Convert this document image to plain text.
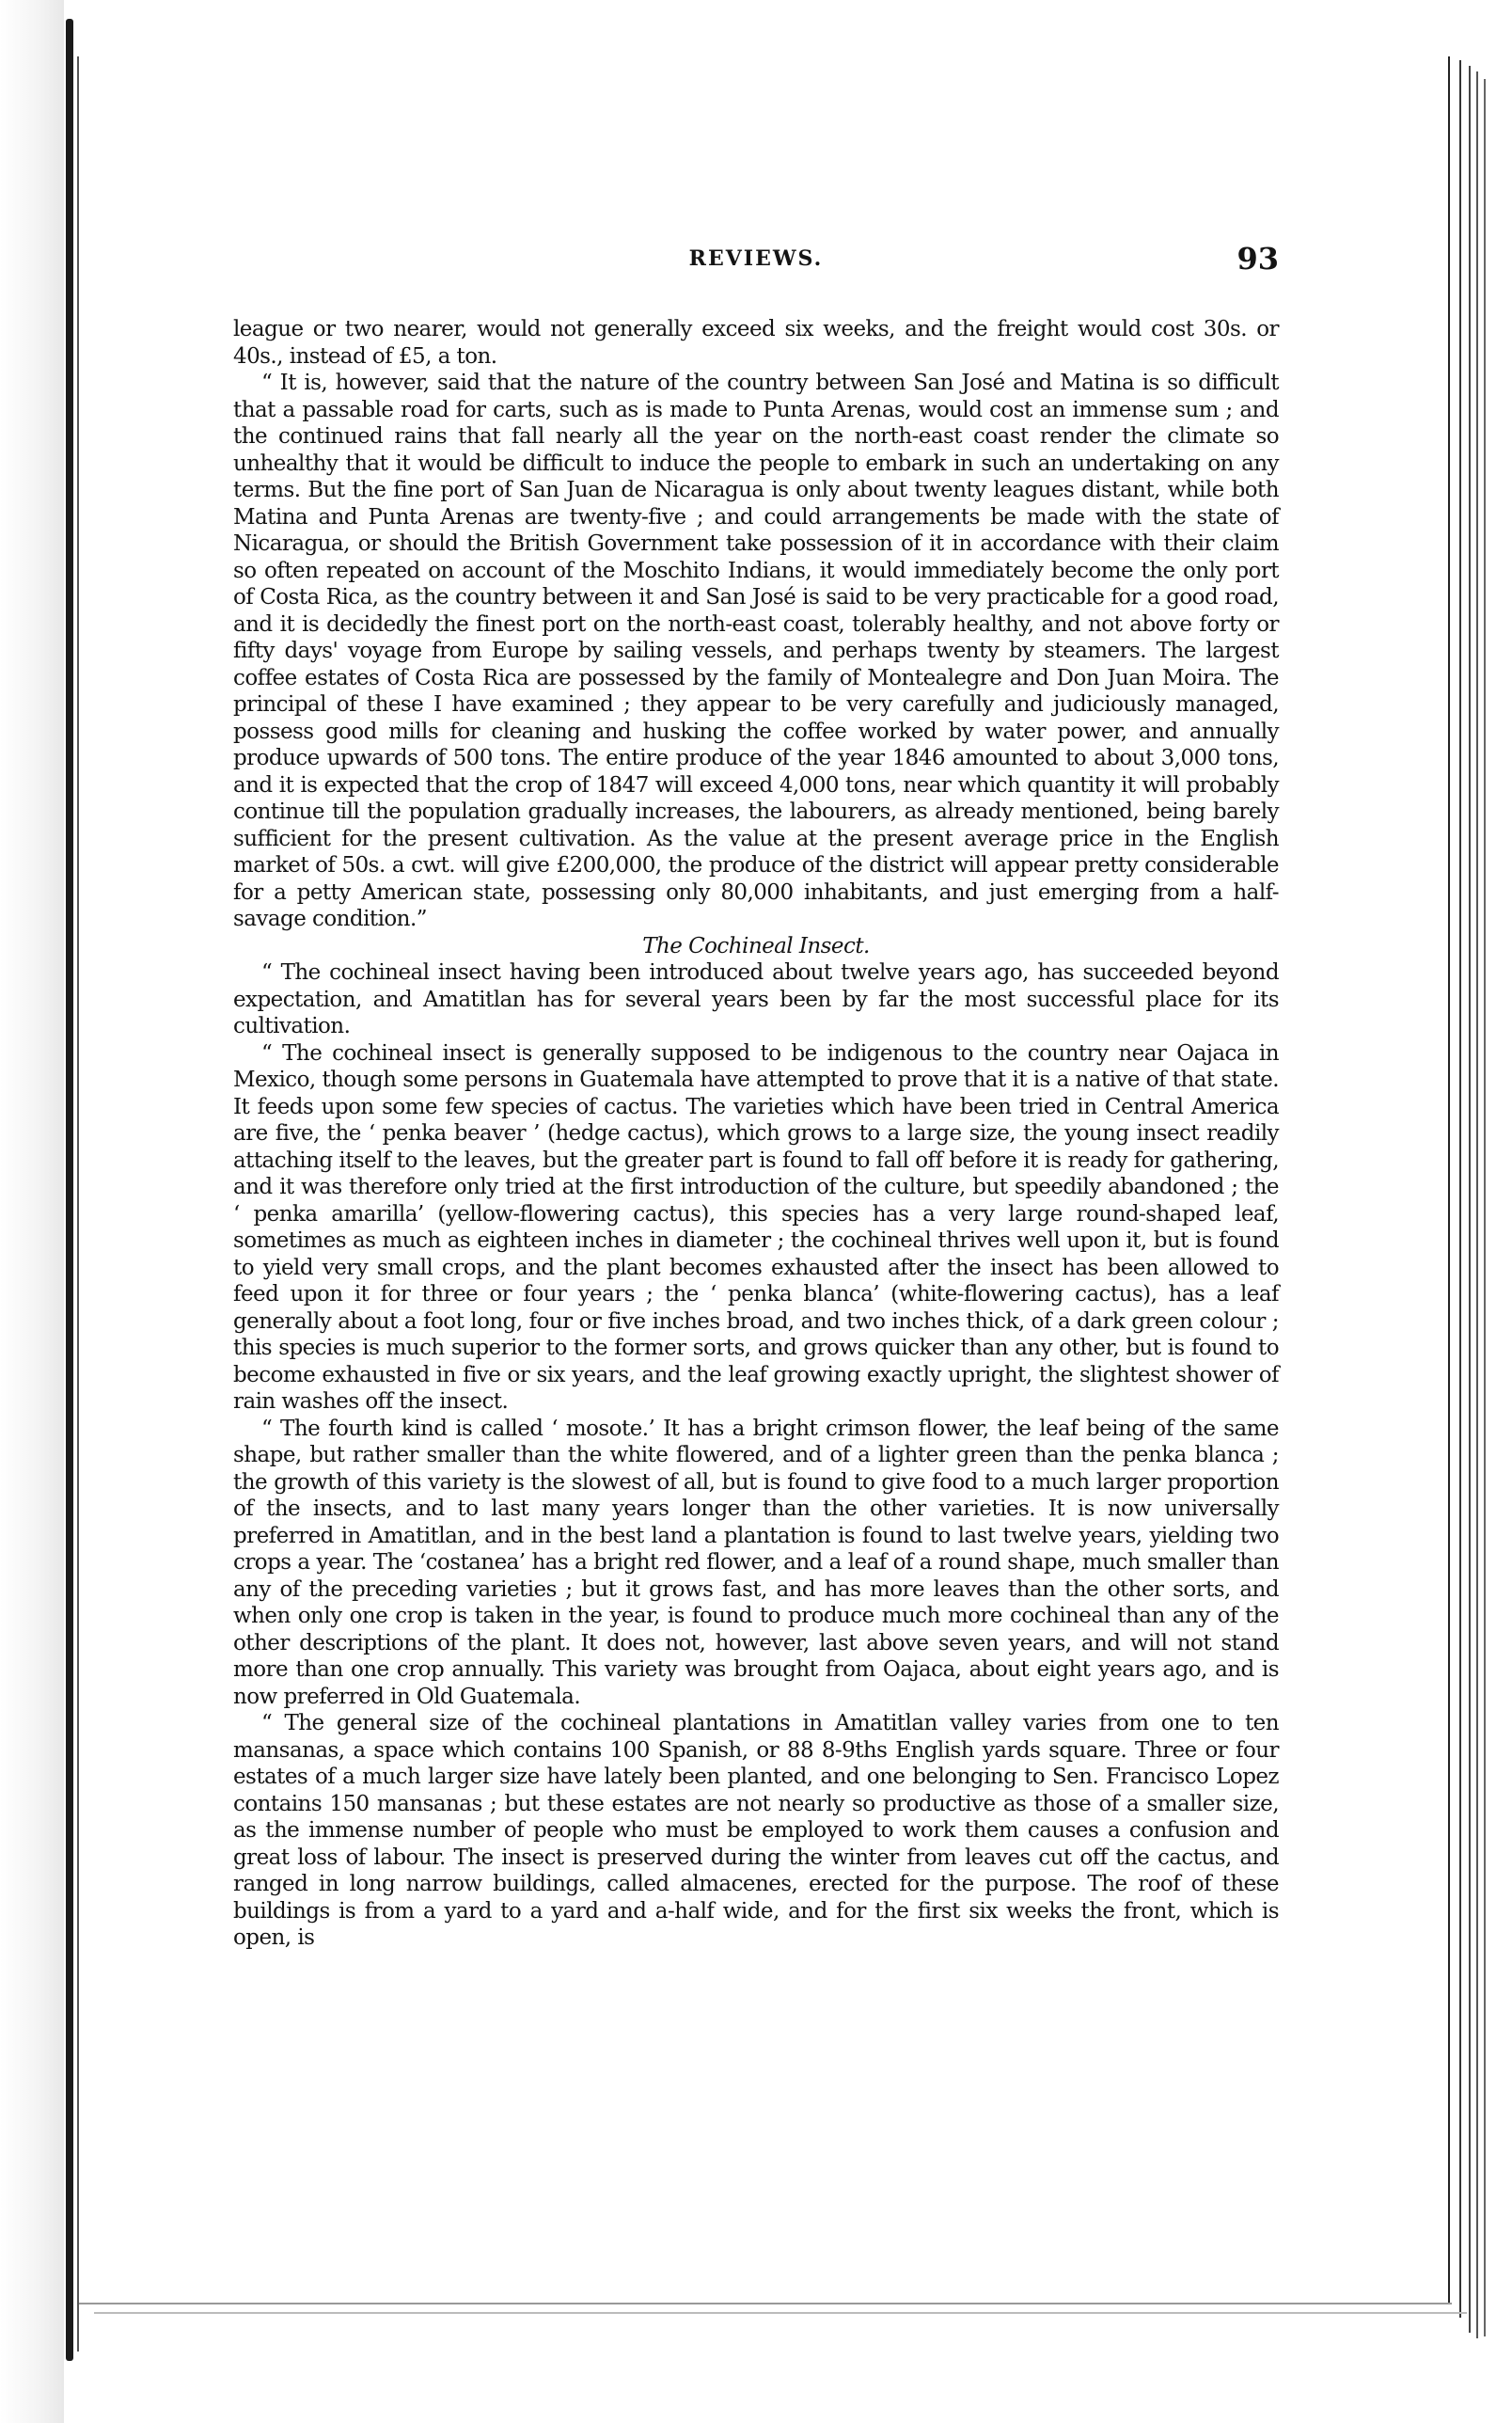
REVIEWS.	93

league or two nearer, would not generally exceed six weeks, and the freight would cost 30s. or 40s., instead of £5, a ton.

“ It is, however, said that the nature of the country between San José and Matina is so difficult that a passable road for carts, such as is made to Punta Arenas, would cost an immense sum ; and the continued rains that fall nearly all the year on the north-east coast render the climate so unhealthy that it would be difficult to induce the people to embark in such an undertaking on any terms. But the fine port of San Juan de Nicaragua is only about twenty leagues distant, while both Matina and Punta Arenas are twenty-five ; and could arrangements be made with the state of Nicaragua, or should the British Government take possession of it in accordance with their claim so often repeated on account of the Moschito Indians, it would immediately become the only port of Costa Rica, as the country between it and San José is said to be very practicable for a good road, and it is decidedly the finest port on the north-east coast, tolerably healthy, and not above forty or fifty days' voyage from Europe by sailing vessels, and perhaps twenty by steamers. The largest coffee estates of Costa Rica are possessed by the family of Montealegre and Don Juan Moira. The principal of these I have examined ; they appear to be very carefully and judiciously managed, possess good mills for cleaning and husking the coffee worked by water power, and annually produce upwards of 500 tons. The entire produce of the year 1846 amounted to about 3,000 tons, and it is expected that the crop of 1847 will exceed 4,000 tons, near which quantity it will probably continue till the population gradually increases, the labourers, as already mentioned, being barely sufficient for the present cultivation. As the value at the present average price in the English market of 50s. a cwt. will give £200,000, the produce of the district will appear pretty considerable for a petty American state, possessing only 80,000 inhabitants, and just emerging from a half-savage condition.”

The Cochineal Insect.

“ The cochineal insect having been introduced about twelve years ago, has succeeded beyond expectation, and Amatitlan has for several years been by far the most successful place for its cultivation.

“ The cochineal insect is generally supposed to be indigenous to the country near Oajaca in Mexico, though some persons in Guatemala have attempted to prove that it is a native of that state. It feeds upon some few species of cactus. The varieties which have been tried in Central America are five, the ‘ penka beaver ’ (hedge cactus), which grows to a large size, the young insect readily attaching itself to the leaves, but the greater part is found to fall off before it is ready for gathering, and it was therefore only tried at the first introduction of the culture, but speedily abandoned ; the ‘ penka amarilla’ (yellow-flowering cactus), this species has a very large round-shaped leaf, sometimes as much as eighteen inches in diameter ; the cochineal thrives well upon it, but is found to yield very small crops, and the plant becomes exhausted after the insect has been allowed to feed upon it for three or four years ; the ‘ penka blanca’ (white-flowering cactus), has a leaf generally about a foot long, four or five inches broad, and two inches thick, of a dark green colour ; this species is much superior to the former sorts, and grows quicker than any other, but is found to become exhausted in five or six years, and the leaf growing exactly upright, the slightest shower of rain washes off the insect.

“ The fourth kind is called ‘ mosote.’ It has a bright crimson flower, the leaf being of the same shape, but rather smaller than the white flowered, and of a lighter green than the penka blanca ; the growth of this variety is the slowest of all, but is found to give food to a much larger proportion of the insects, and to last many years longer than the other varieties. It is now universally preferred in Amatitlan, and in the best land a plantation is found to last twelve years, yielding two crops a year. The ‘costanea’ has a bright red flower, and a leaf of a round shape, much smaller than any of the preceding varieties ; but it grows fast, and has more leaves than the other sorts, and when only one crop is taken in the year, is found to produce much more cochineal than any of the other descriptions of the plant. It does not, however, last above seven years, and will not stand more than one crop annually. This variety was brought from Oajaca, about eight years ago, and is now preferred in Old Guatemala.

“ The general size of the cochineal plantations in Amatitlan valley varies from one to ten mansanas, a space which contains 100 Spanish, or 88 8-9ths English yards square. Three or four estates of a much larger size have lately been planted, and one belonging to Sen. Francisco Lopez contains 150 mansanas ; but these estates are not nearly so productive as those of a smaller size, as the immense number of people who must be employed to work them causes a confusion and great loss of labour. The insect is preserved during the winter from leaves cut off the cactus, and ranged in long narrow buildings, called almacenes, erected for the purpose. The roof of these buildings is from a yard to a yard and a-half wide, and for the first six weeks the front, which is open, is
